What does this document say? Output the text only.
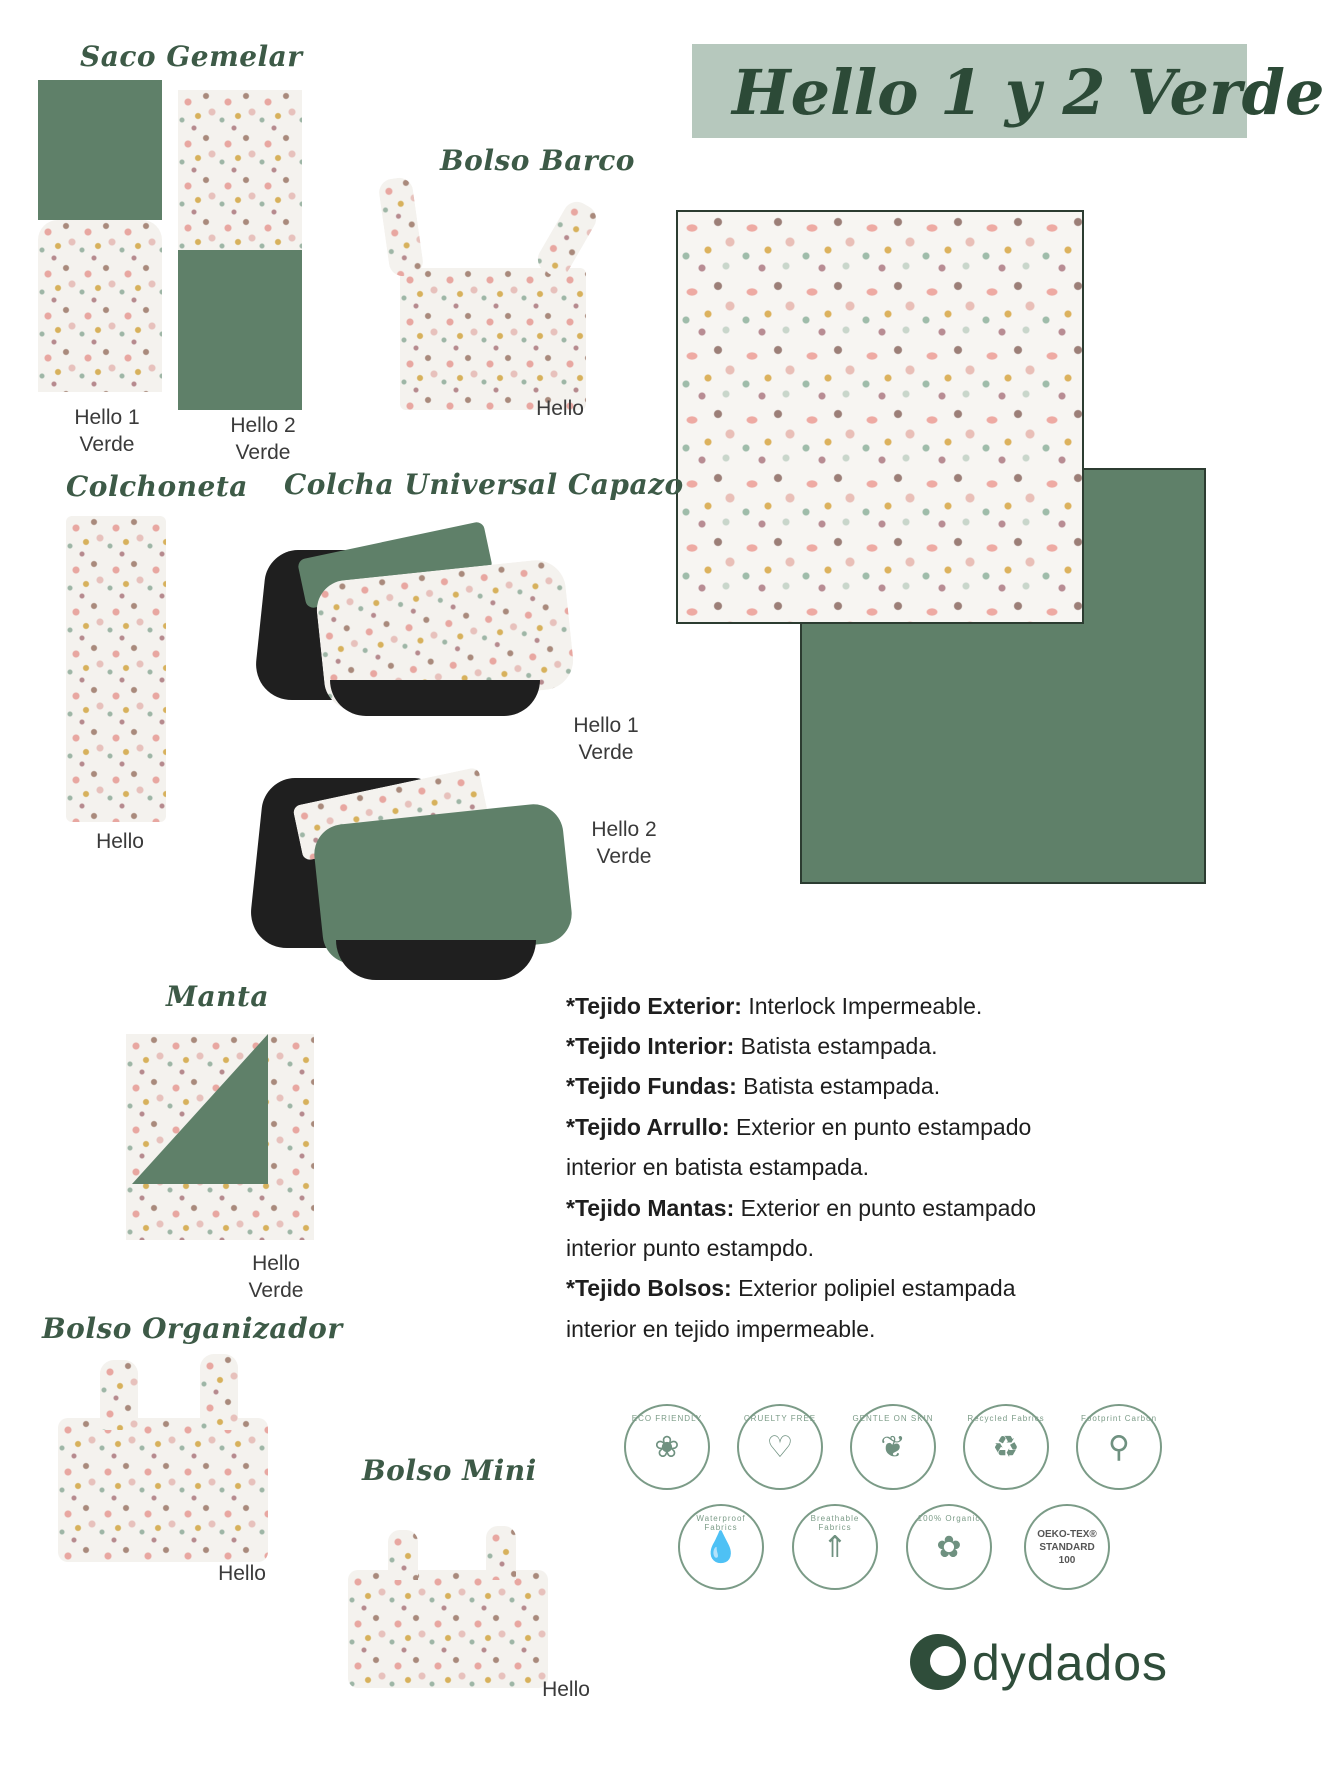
Hello 1 y 2 Verde
Saco Gemelar
Hello 1
Verde
Hello 2
Verde
Bolso Barco
Hello
Colchoneta
Hello
Colcha Universal Capazo
Hello 1
Verde
Hello 2
Verde
Manta
Hello
Verde
*Tejido Exterior: Interlock Impermeable.
*Tejido Interior: Batista estampada.
*Tejido Fundas: Batista estampada.
*Tejido Arrullo: Exterior en punto estampado
interior en batista estampada.
*Tejido Mantas: Exterior en punto estampado
interior punto estampdo.
*Tejido Bolsos: Exterior polipiel estampada
interior en tejido impermeable.
Bolso Organizador
Hello
Bolso Mini
Hello
ECO FRIENDLY
❀
CRUELTY FREE
♡
GENTLE ON SKIN
❦
Recycled Fabrics
♻
Footprint Carbon
⚲
Waterproof Fabrics
💧
Breathable Fabrics
⇑
100% Organic
✿	OEKO-TEX® STANDARD 100
dydados
